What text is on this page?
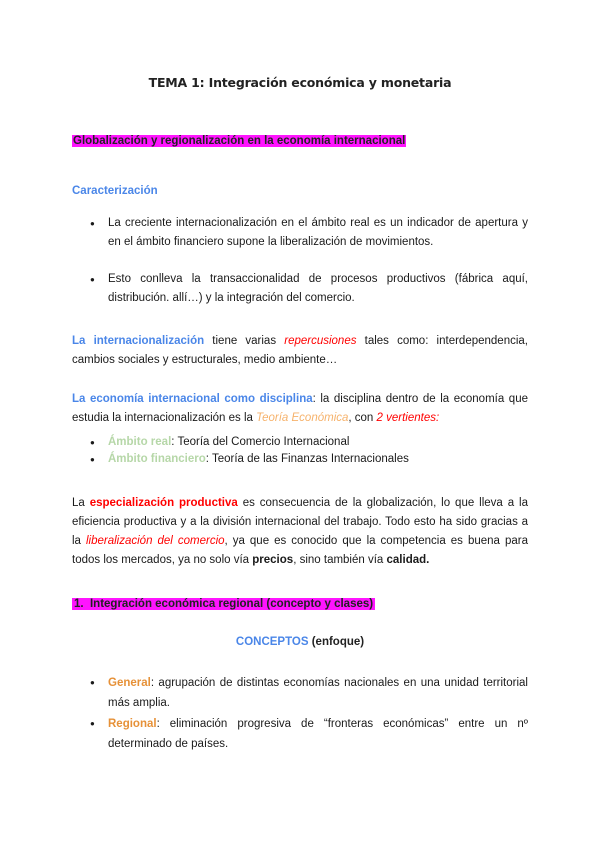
TEMA 1: Integración económica y monetaria
Globalización y regionalización en la economía internacional
Caracterización
● La creciente internacionalización en el ámbito real es un indicador de apertura y en el ámbito financiero supone la liberalización de movimientos.
● Esto conlleva la transaccionalidad de procesos productivos (fábrica aquí, distribución. allí…) y la integración del comercio.
La internacionalización tiene varias repercusiones tales como: interdependencia, cambios sociales y estructurales, medio ambiente…
La economía internacional como disciplina: la disciplina dentro de la economía que estudia la internacionalización es la Teoría Económica, con 2 vertientes:
● Ámbito real: Teoría del Comercio Internacional
● Ámbito financiero: Teoría de las Finanzas Internacionales
La especialización productiva es consecuencia de la globalización, lo que lleva a la eficiencia productiva y a la división internacional del trabajo. Todo esto ha sido gracias a la liberalización del comercio, ya que es conocido que la competencia es buena para todos los mercados, ya no solo vía precios, sino también vía calidad.
1. Integración económica regional (concepto y clases)
CONCEPTOS (enfoque)
● General: agrupación de distintas economías nacionales en una unidad territorial más amplia.
● Regional: eliminación progresiva de “fronteras económicas” entre un nº determinado de países.
